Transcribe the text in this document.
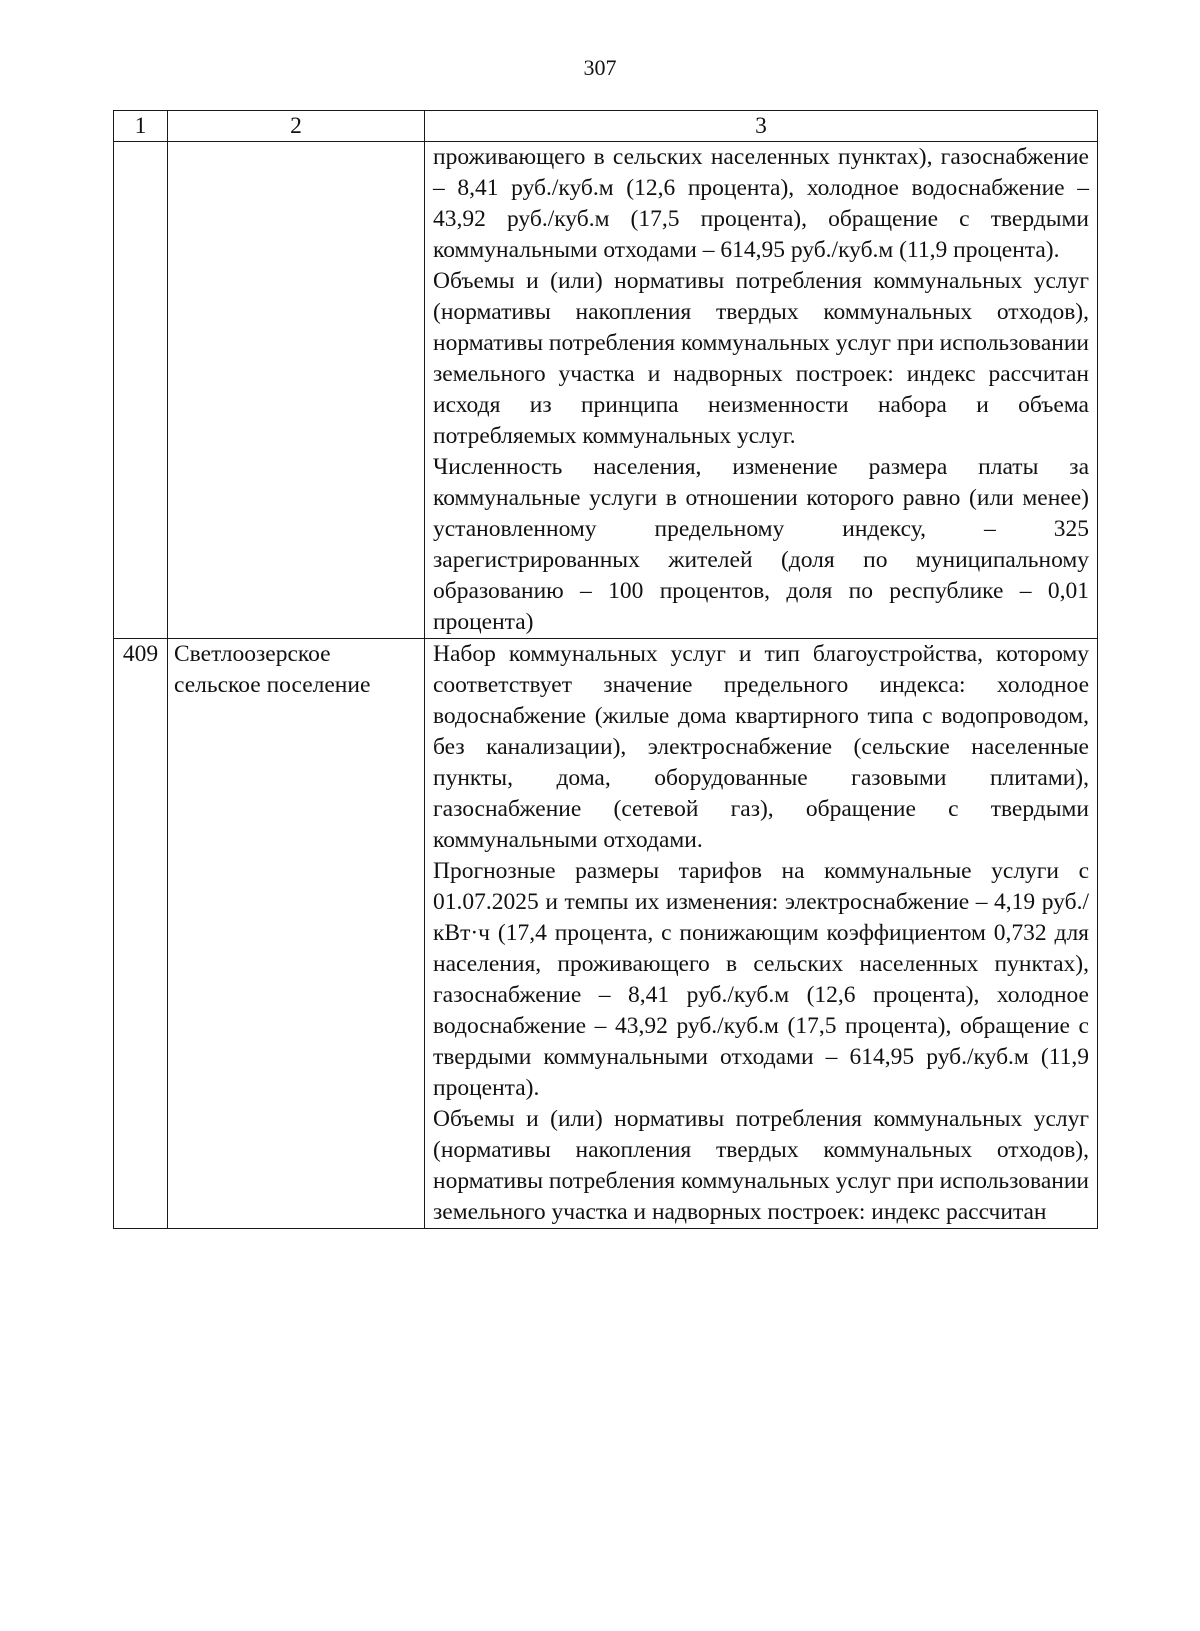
307
1	2	3

		проживающего в сельских населенных пунктах), газоснабжение – 8,41 руб./куб.м (12,6 процента), холодное водоснабжение – 43,92 руб./куб.м (17,5 процента), обращение с твердыми коммунальными отходами – 614,95 руб./куб.м (11,9 процента).
Объемы и (или) нормативы потребления коммунальных услуг (нормативы накопления твердых коммунальных отходов), нормативы потребления коммунальных услуг при использовании земельного участка и надворных построек: индекс рассчитан исходя из принципа неизменности набора и объема потребляемых коммунальных услуг.
Численность населения, изменение размера платы за коммунальные услуги в отношении которого равно (или менее) установленному предельному индексу, – 325 зарегистрированных жителей (доля по муниципальному образованию – 100 процентов, доля по республике – 0,01 процента)

409	Светлоозерское сельское поселение	Набор коммунальных услуг и тип благоустройства, которому соответствует значение предельного индекса: холодное водоснабжение (жилые дома квартирного типа с водопроводом, без канализации), электроснабжение (сельские населенные пункты, дома, оборудованные газовыми плитами), газоснабжение (сетевой газ), обращение с твердыми коммунальными отходами.
Прогнозные размеры тарифов на коммунальные услуги с 01.07.2025 и темпы их изменения: электроснабжение – 4,19 руб./кВт·ч (17,4 процента, с понижающим коэффициентом 0,732 для населения, проживающего в сельских населенных пунктах), газоснабжение – 8,41 руб./куб.м (12,6 процента), холодное водоснабжение – 43,92 руб./куб.м (17,5 процента), обращение с твердыми коммунальными отходами – 614,95 руб./куб.м (11,9 процента).
Объемы и (или) нормативы потребления коммунальных услуг (нормативы накопления твердых коммунальных отходов), нормативы потребления коммунальных услуг при использовании земельного участка и надворных построек: индекс рассчитан
